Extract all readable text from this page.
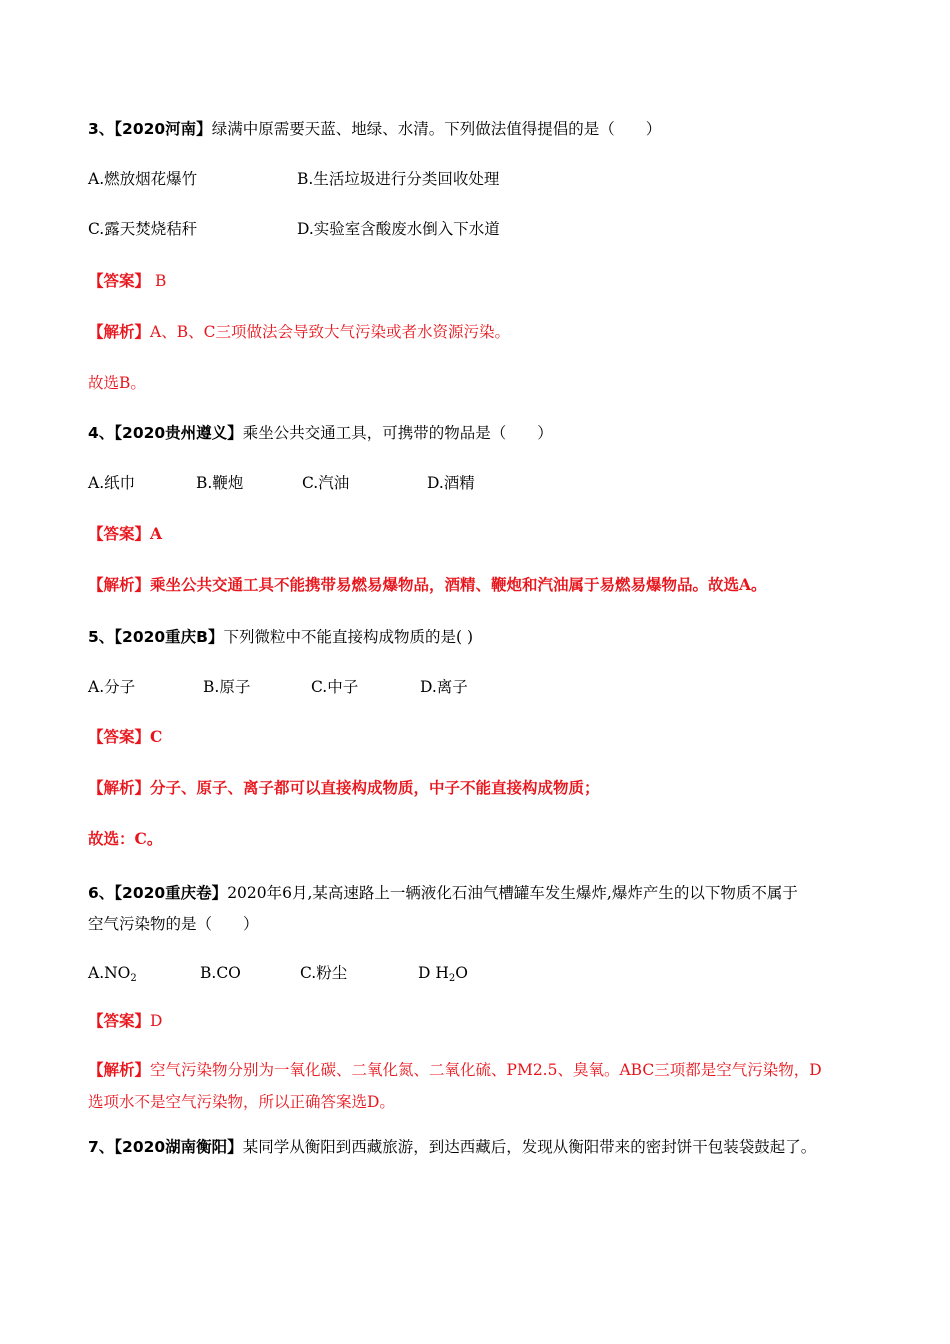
3、【2020河南】绿满中原需要天蓝、地绿、水清。下列做法值得提倡的是（　　）
A.燃放烟花爆竹	B.生活垃圾进行分类回收处理
C.露天焚烧秸秆	D.实验室含酸废水倒入下水道
【答案】 B
【解析】A、B、C三项做法会导致大气污染或者水资源污染。
故选B。
4、【2020贵州遵义】乘坐公共交通工具，可携带的物品是（　　）
A.纸巾	B.鞭炮	C.汽油	D.酒精
【答案】A
【解析】乘坐公共交通工具不能携带易燃易爆物品，酒精、鞭炮和汽油属于易燃易爆物品。故选A。
5、【2020重庆B】下列微粒中不能直接构成物质的是( )
A.分子	B.原子	C.中子	D.离子
【答案】C
【解析】分子、原子、离子都可以直接构成物质，中子不能直接构成物质；
故选：C。
6、【2020重庆卷】2020年6月,某高速路上一辆液化石油气槽罐车发生爆炸,爆炸产生的以下物质不属于
空气污染物的是（　　）
$A.NO_2$	B.CO	C.粉尘	D $H_2O$
【答案】D
【解析】空气污染物分别为一氧化碳、二氧化氮、二氧化硫、PM2.5、臭氧。ABC三项都是空气污染物，D
选项水不是空气污染物，所以正确答案选D。
7、【2020湖南衡阳】某同学从衡阳到西藏旅游，到达西藏后，发现从衡阳带来的密封饼干包装袋鼓起了。
